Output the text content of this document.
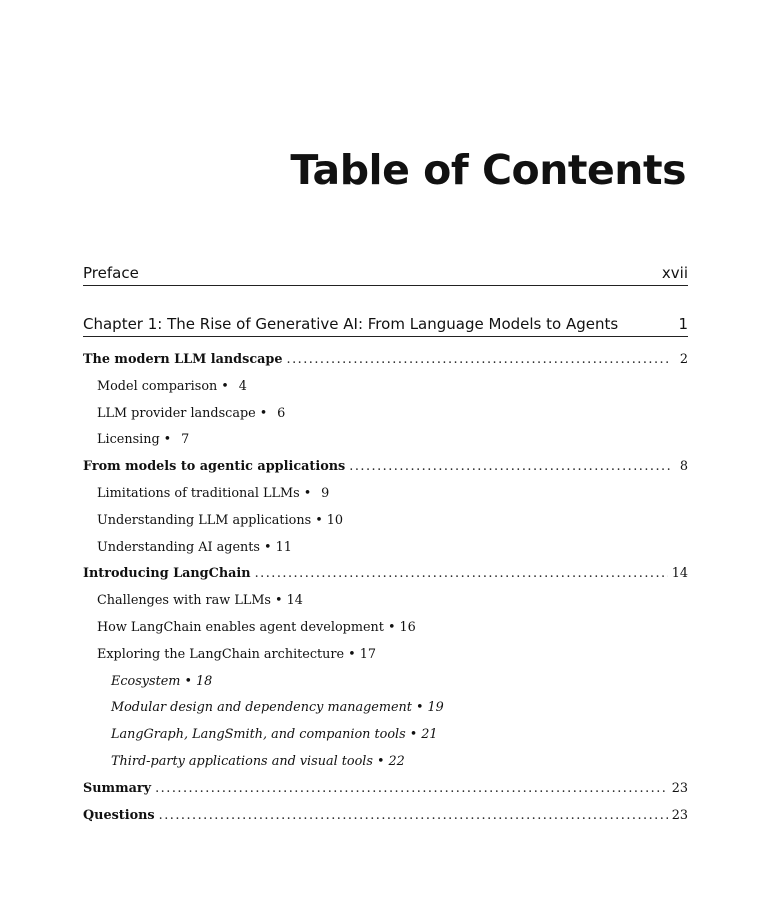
Table of Contents
Preface	xvii
Chapter 1: The Rise of Generative AI: From Language Models to Agents	1
The modern LLM landscape .....	2
Model comparison • 4
LLM provider landscape • 6
Licensing • 7
From models to agentic applications .....	8
Limitations of traditional LLMs • 9
Understanding LLM applications • 10
Understanding AI agents • 11
Introducing LangChain .....	14
Challenges with raw LLMs • 14
How LangChain enables agent development • 16
Exploring the LangChain architecture • 17
Ecosystem • 18
Modular design and dependency management • 19
LangGraph, LangSmith, and companion tools • 21
Third-party applications and visual tools • 22
Summary .....	23
Questions .....	23
